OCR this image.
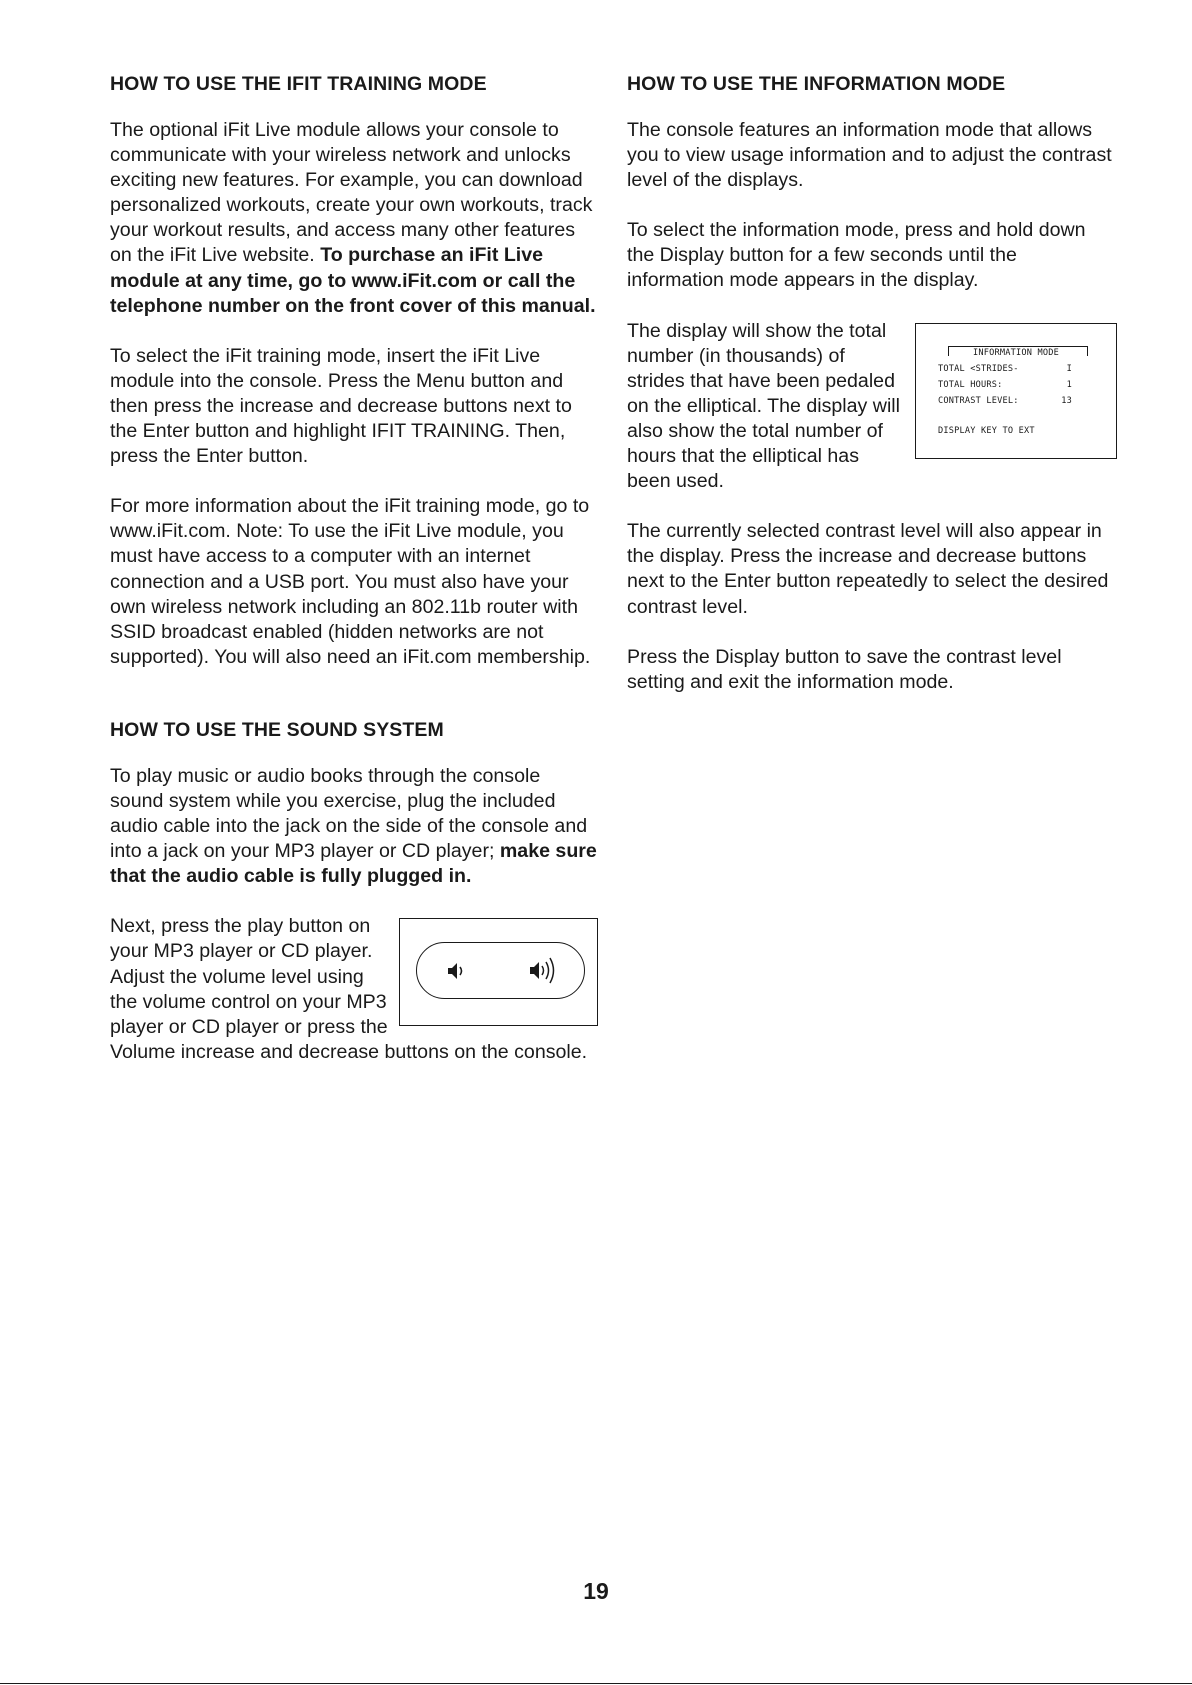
HOW TO USE THE IFIT TRAINING MODE

The optional iFit Live module allows your console to communicate with your wireless network and unlocks exciting new features. For example, you can download personalized workouts, create your own workouts, track your workout results, and access many other features on the iFit Live website. To purchase an iFit Live module at any time, go to www.iFit.com or call the telephone number on the front cover of this manual.

To select the iFit training mode, insert the iFit Live module into the console. Press the Menu button and then press the increase and decrease buttons next to the Enter button and highlight IFIT TRAINING. Then, press the Enter button.

For more information about the iFit training mode, go to www.iFit.com. Note: To use the iFit Live module, you must have access to a computer with an internet connection and a USB port. You must also have your own wireless network including an 802.11b router with SSID broadcast enabled (hidden networks are not supported). You will also need an iFit.com membership.

HOW TO USE THE SOUND SYSTEM

To play music or audio books through the console sound system while you exercise, plug the included audio cable into the jack on the side of the console and into a jack on your MP3 player or CD player; make sure that the audio cable is fully plugged in.

Next, press the play button on your MP3 player or CD player. Adjust the volume level using the volume control on your MP3 player or CD player or press the Volume increase and decrease buttons on the console.

HOW TO USE THE INFORMATION MODE

The console features an information mode that allows you to view usage information and to adjust the contrast level of the displays.

To select the information mode, press and hold down the Display button for a few seconds until the information mode appears in the display.

INFORMATION MODE
TOTAL <STRIDES-	I
TOTAL HOURS:	1
CONTRAST LEVEL:	13
DISPLAY KEY TO EXT

The display will show the total number (in thousands) of strides that have been pedaled on the elliptical. The display will also show the total number of hours that the elliptical has been used.

The currently selected contrast level will also appear in the display. Press the increase and decrease buttons next to the Enter button repeatedly to select the desired contrast level.

Press the Display button to save the contrast level setting and exit the information mode.

19
